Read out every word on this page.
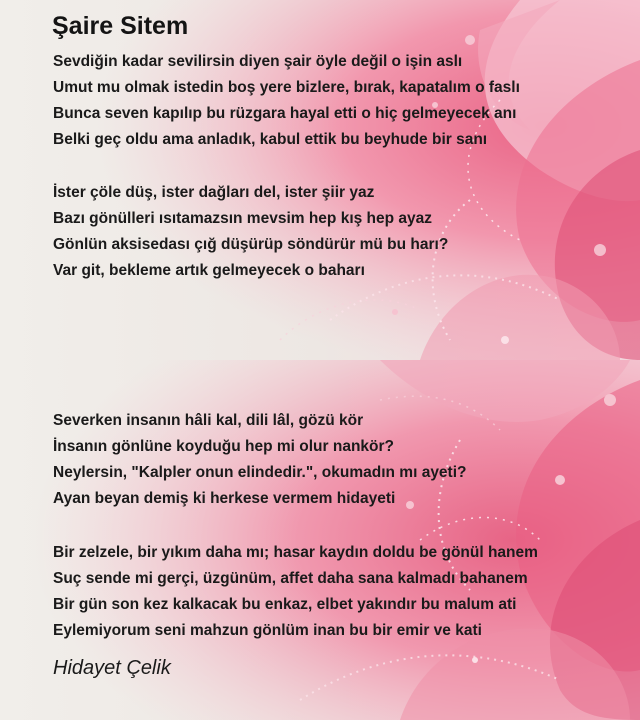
Şaire Sitem
Sevdiğin kadar sevilirsin diyen şair öyle değil o işin aslı
Umut mu olmak istedin boş yere bizlere, bırak, kapatalım o faslı
Bunca seven kapılıp bu rüzgara hayal etti o hiç gelmeyecek anı
Belki geç oldu ama anladık, kabul ettik bu beyhude bir sanı
İster çöle düş, ister dağları del, ister şiir yaz
Bazı gönülleri ısıtamazsın mevsim hep kış hep ayaz
Gönlün aksisedası çığ düşürüp söndürür mü bu harı?
Var git, bekleme artık gelmeyecek o baharı
Severken insanın hâli kal, dili lâl, gözü kör
İnsanın gönlüne koyduğu hep mi olur nankör?
Neylersin, "Kalpler onun elindedir.", okumadın mı ayeti?
Ayan beyan demiş ki herkese vermem hidayeti
Bir zelzele, bir yıkım daha mı; hasar kaydın doldu be gönül hanem
Suç sende mi gerçi, üzgünüm, affet daha sana kalmadı bahanem
Bir gün son kez kalkacak bu enkaz, elbet yakındır bu malum ati
Eylemiyorum seni mahzun gönlüm inan bu bir emir ve kati
Hidayet Çelik
